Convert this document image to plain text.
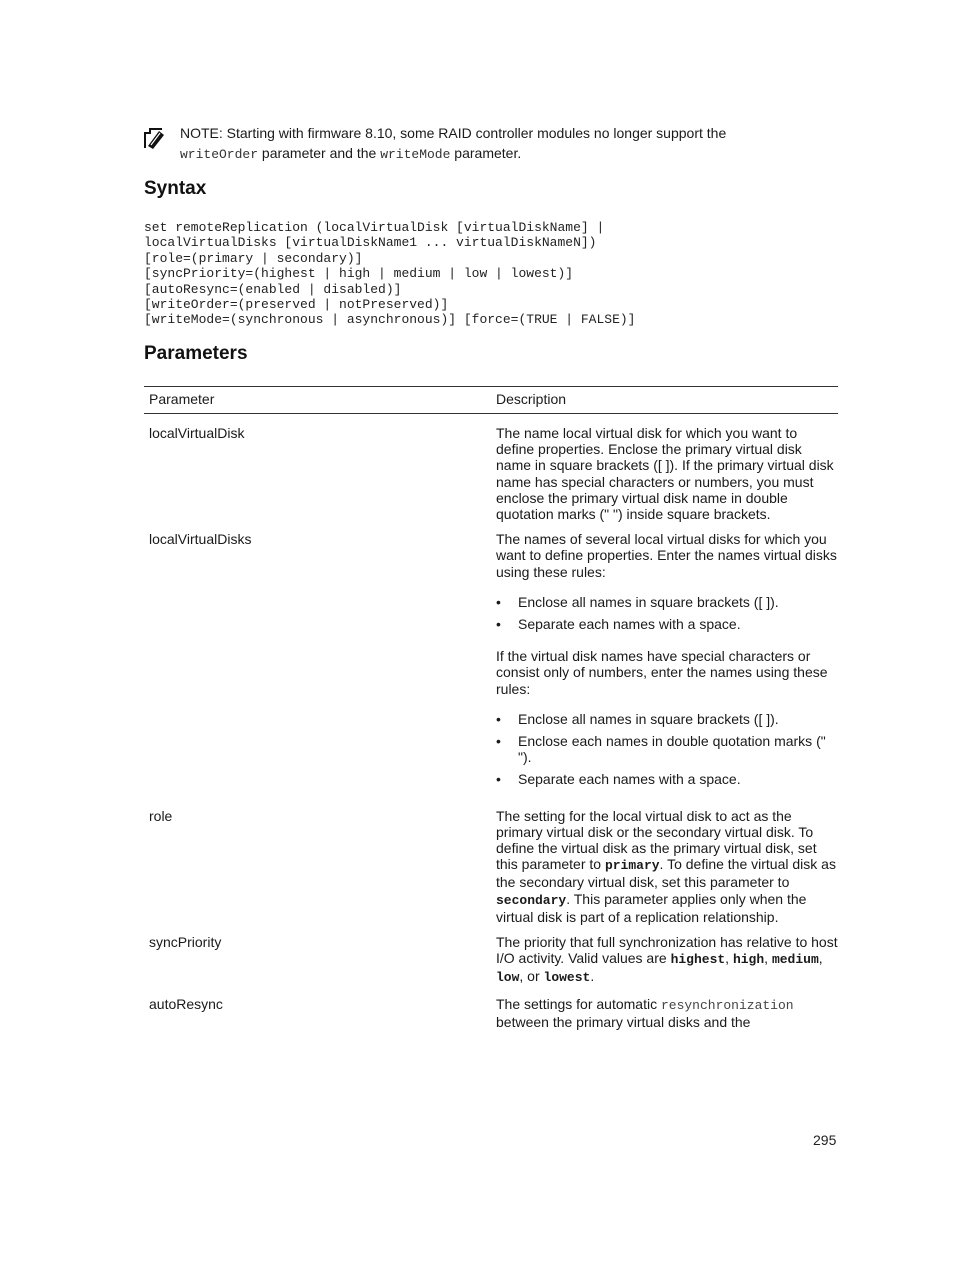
NOTE: Starting with firmware 8.10, some RAID controller modules no longer support the
writeOrder parameter and the writeMode parameter.
Syntax
set remoteReplication (localVirtualDisk [virtualDiskName] |
localVirtualDisks [virtualDiskName1 ... virtualDiskNameN])
[role=(primary | secondary)]
[syncPriority=(highest | high | medium | low | lowest)]
[autoResync=(enabled | disabled)]
[writeOrder=(preserved | notPreserved)]
[writeMode=(synchronous | asynchronous)] [force=(TRUE | FALSE)]
Parameters
Parameter	Description
localVirtualDisk	The name local virtual disk for which you want to define properties. Enclose the primary virtual disk name in square brackets ([ ]). If the primary virtual disk name has special characters or numbers, you must enclose the primary virtual disk name in double quotation marks (" ") inside square brackets.

localVirtualDisks	The names of several local virtual disks for which you want to define properties. Enter the names virtual disks using these rules:

• Enclose all names in square brackets ([ ]).
• Separate each names with a space.

If the virtual disk names have special characters or consist only of numbers, enter the names using these rules:

• Enclose all names in square brackets ([ ]).
• Enclose each names in double quotation marks (" ").
• Separate each names with a space.
role	The setting for the local virtual disk to act as the primary virtual disk or the secondary virtual disk. To define the virtual disk as the primary virtual disk, set this parameter to primary. To define the virtual disk as the secondary virtual disk, set this parameter to secondary. This parameter applies only when the virtual disk is part of a replication relationship.

syncPriority	The priority that full synchronization has relative to host I/O activity. Valid values are highest, high, medium, low, or lowest.

autoResync	The settings for automatic resynchronization between the primary virtual disks and the

295
